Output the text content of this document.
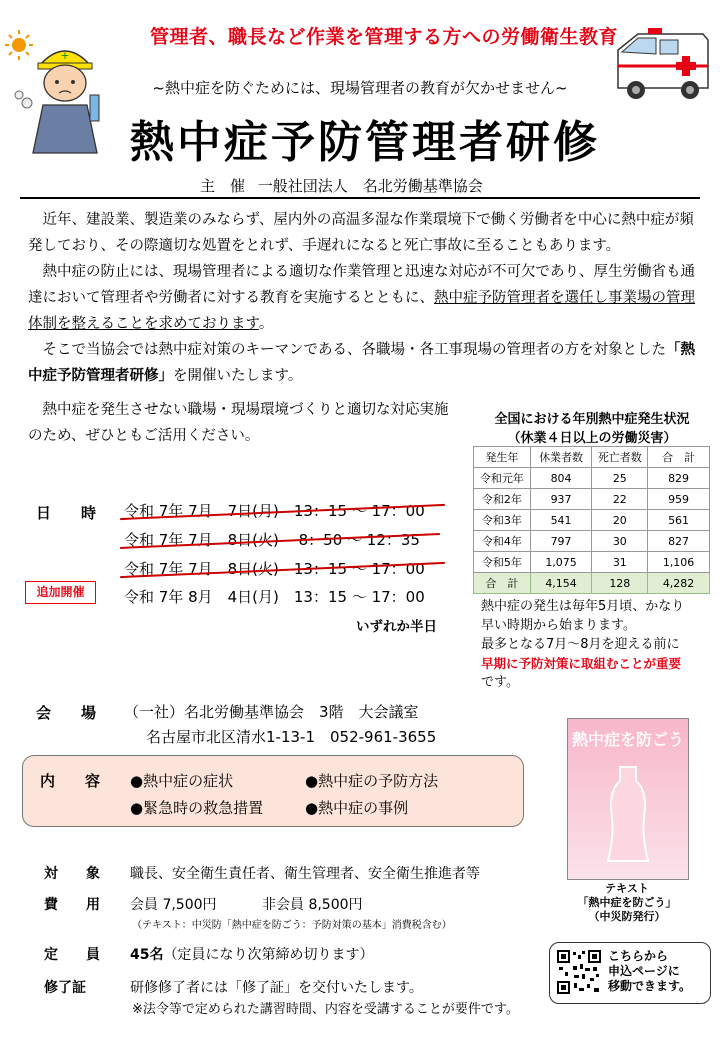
+
管理者、職長など作業を管理する方への労働衛生教育
~熱中症を防ぐためには、現場管理者の教育が欠かせません~
熱中症予防管理者研修
主　催 一般社団法人　名北労働基準協会

近年、建設業、製造業のみならず、屋内外の高温多湿な作業環境下で働く労働者を中心に熱中症が頻発しており、その際適切な処置をとれず、手遅れになると死亡事故に至ることもあります。

熱中症の防止には、現場管理者による適切な作業管理と迅速な対応が不可欠であり、厚生労働省も通達において管理者や労働者に対する教育を実施するとともに、熱中症予防管理者を選任し事業場の管理体制を整えることを求めております。

そこで当協会では熱中症対策のキーマンである、各職場・各工事現場の管理者の方を対象とした「熱中症予防管理者研修」を開催いたします。

熱中症を発生させない職場・現場環境づくりと適切な対応実施
のため、ぜひともご活用ください。
全国における年別熱中症発生状況
（休業４日以上の労働災害）
発生年	休業者数	死亡者数	合　計
令和元年	804	25	829
令和2年	937	22	959
令和3年	541	20	561
令和4年	797	30	827
令和5年	1,075	31	1,106
合　計	4,154	128	4,282
熱中症の発生は毎年5月頃、かなり
早い時期から始まります。
最多となる7月～8月を迎える前に
早期に予防対策に取組むことが重要
です。
日　　時 令和 7年 7月　7日(月)　13：15 ～ 17：00
令和 7年 7月　8日(火)　 8：50 ～ 12：35
令和 7年 7月　8日(火)　13：15 ～ 17：00
追加開催	令和 7年 8月　4日(月)　13：15 ～ 17：00
いずれか半日
会　　場 （一社）名北労働基準協会　3階　大会議室
名古屋市北区清水1-13-1　052-961-3655
内　　容 ●熱中症の症状	●熱中症の予防方法
●緊急時の救急措置	●熱中症の事例
熱中症を防ごう
テキスト
「熱中症を防ごう」
（中災防発行）
対　　象 職長、安全衛生責任者、衛生管理者、安全衛生推進者等
費　　用 会員 7,500円	非会員 8,500円
（テキスト：中災防「熱中症を防ごう：予防対策の基本」消費税含む）
定　　員 45名（定員になり次第締め切ります）
修了証	研修修了者には「修了証」を交付いたします。
※法令等で定められた講習時間、内容を受講することが要件です。
こちらから
申込ページに
移動できます。
